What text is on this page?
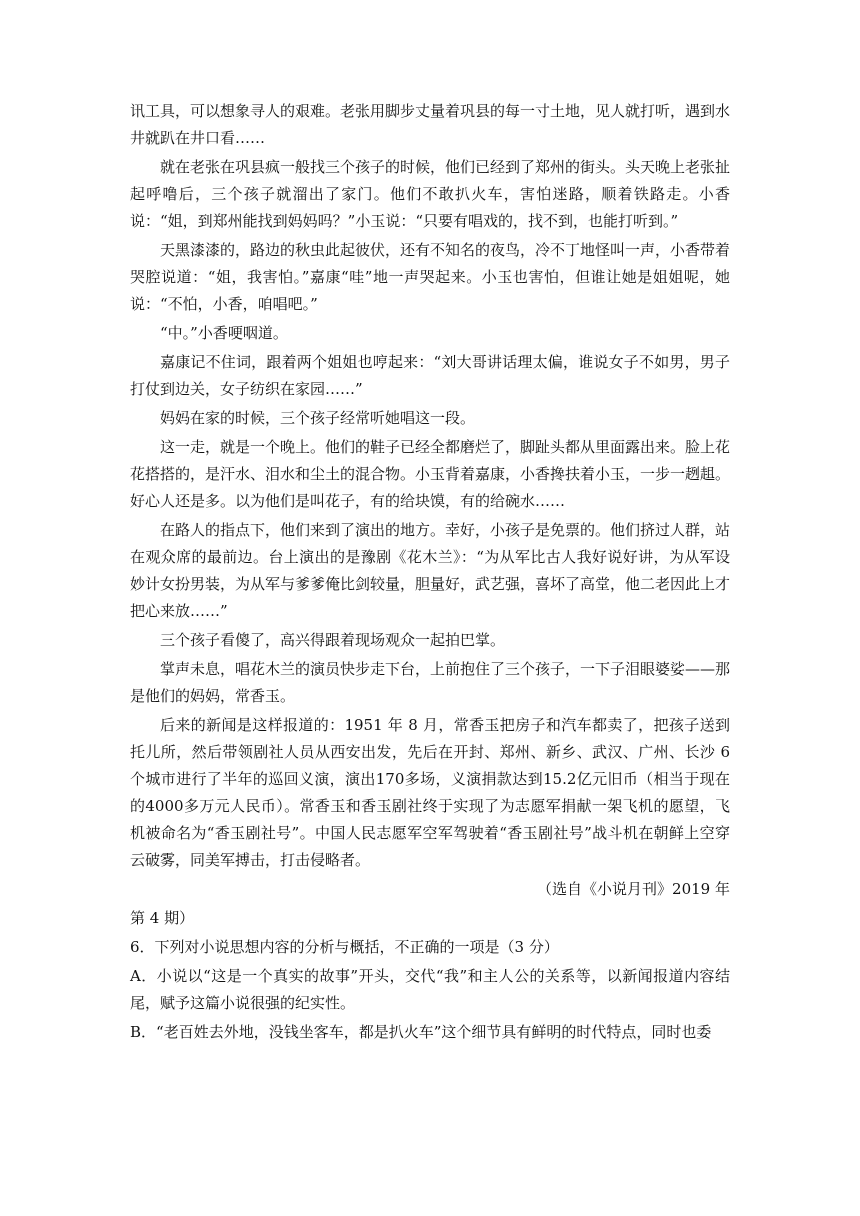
讯工具，可以想象寻人的艰难。老张用脚步丈量着巩县的每一寸土地，见人就打听，遇到水井就趴在井口看……

就在老张在巩县疯一般找三个孩子的时候，他们已经到了郑州的街头。头天晚上老张扯起呼噜后，三个孩子就溜出了家门。他们不敢扒火车，害怕迷路，顺着铁路走。小香说：“姐，到郑州能找到妈妈吗？”小玉说：“只要有唱戏的，找不到，也能打听到。”

天黑漆漆的，路边的秋虫此起彼伏，还有不知名的夜鸟，冷不丁地怪叫一声，小香带着哭腔说道：“姐，我害怕。”嘉康“哇”地一声哭起来。小玉也害怕，但谁让她是姐姐呢，她说：“不怕，小香，咱唱吧。”

“中。”小香哽咽道。

嘉康记不住词，跟着两个姐姐也哼起来：“刘大哥讲话理太偏，谁说女子不如男，男子打仗到边关，女子纺织在家园……”

妈妈在家的时候，三个孩子经常听她唱这一段。

这一走，就是一个晚上。他们的鞋子已经全都磨烂了，脚趾头都从里面露出来。脸上花花搭搭的，是汗水、泪水和尘土的混合物。小玉背着嘉康，小香搀扶着小玉，一步一趔趄。好心人还是多。以为他们是叫花子，有的给块馍，有的给碗水……

在路人的指点下，他们来到了演出的地方。幸好，小孩子是免票的。他们挤过人群，站在观众席的最前边。台上演出的是豫剧《花木兰》：“为从军比古人我好说好讲，为从军设妙计女扮男装，为从军与爹爹俺比剑较量，胆量好，武艺强，喜坏了高堂，他二老因此上才把心来放……”

三个孩子看傻了，高兴得跟着现场观众一起拍巴掌。

掌声未息，唱花木兰的演员快步走下台，上前抱住了三个孩子，一下子泪眼婆娑——那是他们的妈妈，常香玉。

后来的新闻是这样报道的：1951 年 8 月，常香玉把房子和汽车都卖了，把孩子送到托儿所，然后带领剧社人员从西安出发，先后在开封、郑州、新乡、武汉、广州、长沙 6 个城市进行了半年的巡回义演，演出170多场，义演捐款达到15.2亿元旧币（相当于现在的4000多万元人民币）。常香玉和香玉剧社终于实现了为志愿军捐献一架飞机的愿望，飞机被命名为“香玉剧社号”。中国人民志愿军空军驾驶着“香玉剧社号”战斗机在朝鲜上空穿云破雾，同美军搏击，打击侵略者。

（选自《小说月刊》2019 年

第 4 期）

6．下列对小说思想内容的分析与概括，不正确的一项是（3 分）

A．小说以“这是一个真实的故事”开头，交代“我”和主人公的关系等，以新闻报道内容结尾，赋予这篇小说很强的纪实性。

B．“老百姓去外地，没钱坐客车，都是扒火车”这个细节具有鲜明的时代特点，同时也委
